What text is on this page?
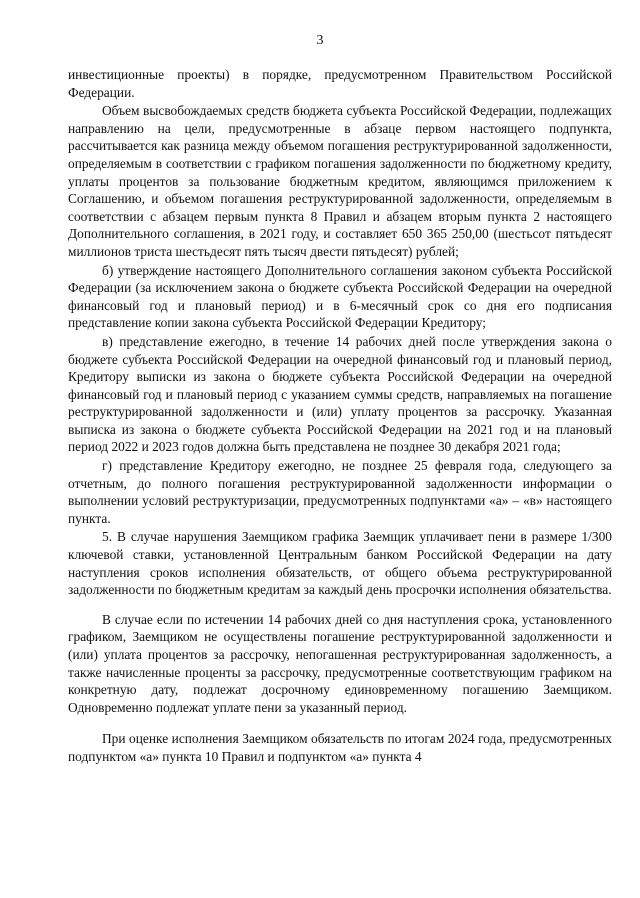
3

инвестиционные проекты) в порядке, предусмотренном Правительством Российской Федерации.

Объем высвобождаемых средств бюджета субъекта Российской Федерации, подлежащих направлению на цели, предусмотренные в абзаце первом настоящего подпункта, рассчитывается как разница между объемом погашения реструктурированной задолженности, определяемым в соответствии с графиком погашения задолженности по бюджетному кредиту, уплаты процентов за пользование бюджетным кредитом, являющимся приложением к Соглашению, и объемом погашения реструктурированной задолженности, определяемым в соответствии с абзацем первым пункта 8 Правил и абзацем вторым пункта 2 настоящего Дополнительного соглашения, в 2021 году, и составляет 650 365 250,00 (шестьсот пятьдесят миллионов триста шестьдесят пять тысяч двести пятьдесят) рублей;

б) утверждение настоящего Дополнительного соглашения законом субъекта Российской Федерации (за исключением закона о бюджете субъекта Российской Федерации на очередной финансовый год и плановый период) и в 6-месячный срок со дня его подписания представление копии закона субъекта Российской Федерации Кредитору;

в) представление ежегодно, в течение 14 рабочих дней после утверждения закона о бюджете субъекта Российской Федерации на очередной финансовый год и плановый период, Кредитору выписки из закона о бюджете субъекта Российской Федерации на очередной финансовый год и плановый период с указанием суммы средств, направляемых на погашение реструктурированной задолженности и (или) уплату процентов за рассрочку. Указанная выписка из закона о бюджете субъекта Российской Федерации на 2021 год и на плановый период 2022 и 2023 годов должна быть представлена не позднее 30 декабря 2021 года;

г) представление Кредитору ежегодно, не позднее 25 февраля года, следующего за отчетным, до полного погашения реструктурированной задолженности информации о выполнении условий реструктуризации, предусмотренных подпунктами «а» – «в» настоящего пункта.

5. В случае нарушения Заемщиком графика Заемщик уплачивает пени в размере 1/300 ключевой ставки, установленной Центральным банком Российской Федерации на дату наступления сроков исполнения обязательств, от общего объема реструктурированной задолженности по бюджетным кредитам за каждый день просрочки исполнения обязательства.

В случае если по истечении 14 рабочих дней со дня наступления срока, установленного графиком, Заемщиком не осуществлены погашение реструктурированной задолженности и (или) уплата процентов за рассрочку, непогашенная реструктурированная задолженность, а также начисленные проценты за рассрочку, предусмотренные соответствующим графиком на конкретную дату, подлежат досрочному единовременному погашению Заемщиком. Одновременно подлежат уплате пени за указанный период.

При оценке исполнения Заемщиком обязательств по итогам 2024 года, предусмотренных подпунктом «а» пункта 10 Правил и подпунктом «а» пункта 4
